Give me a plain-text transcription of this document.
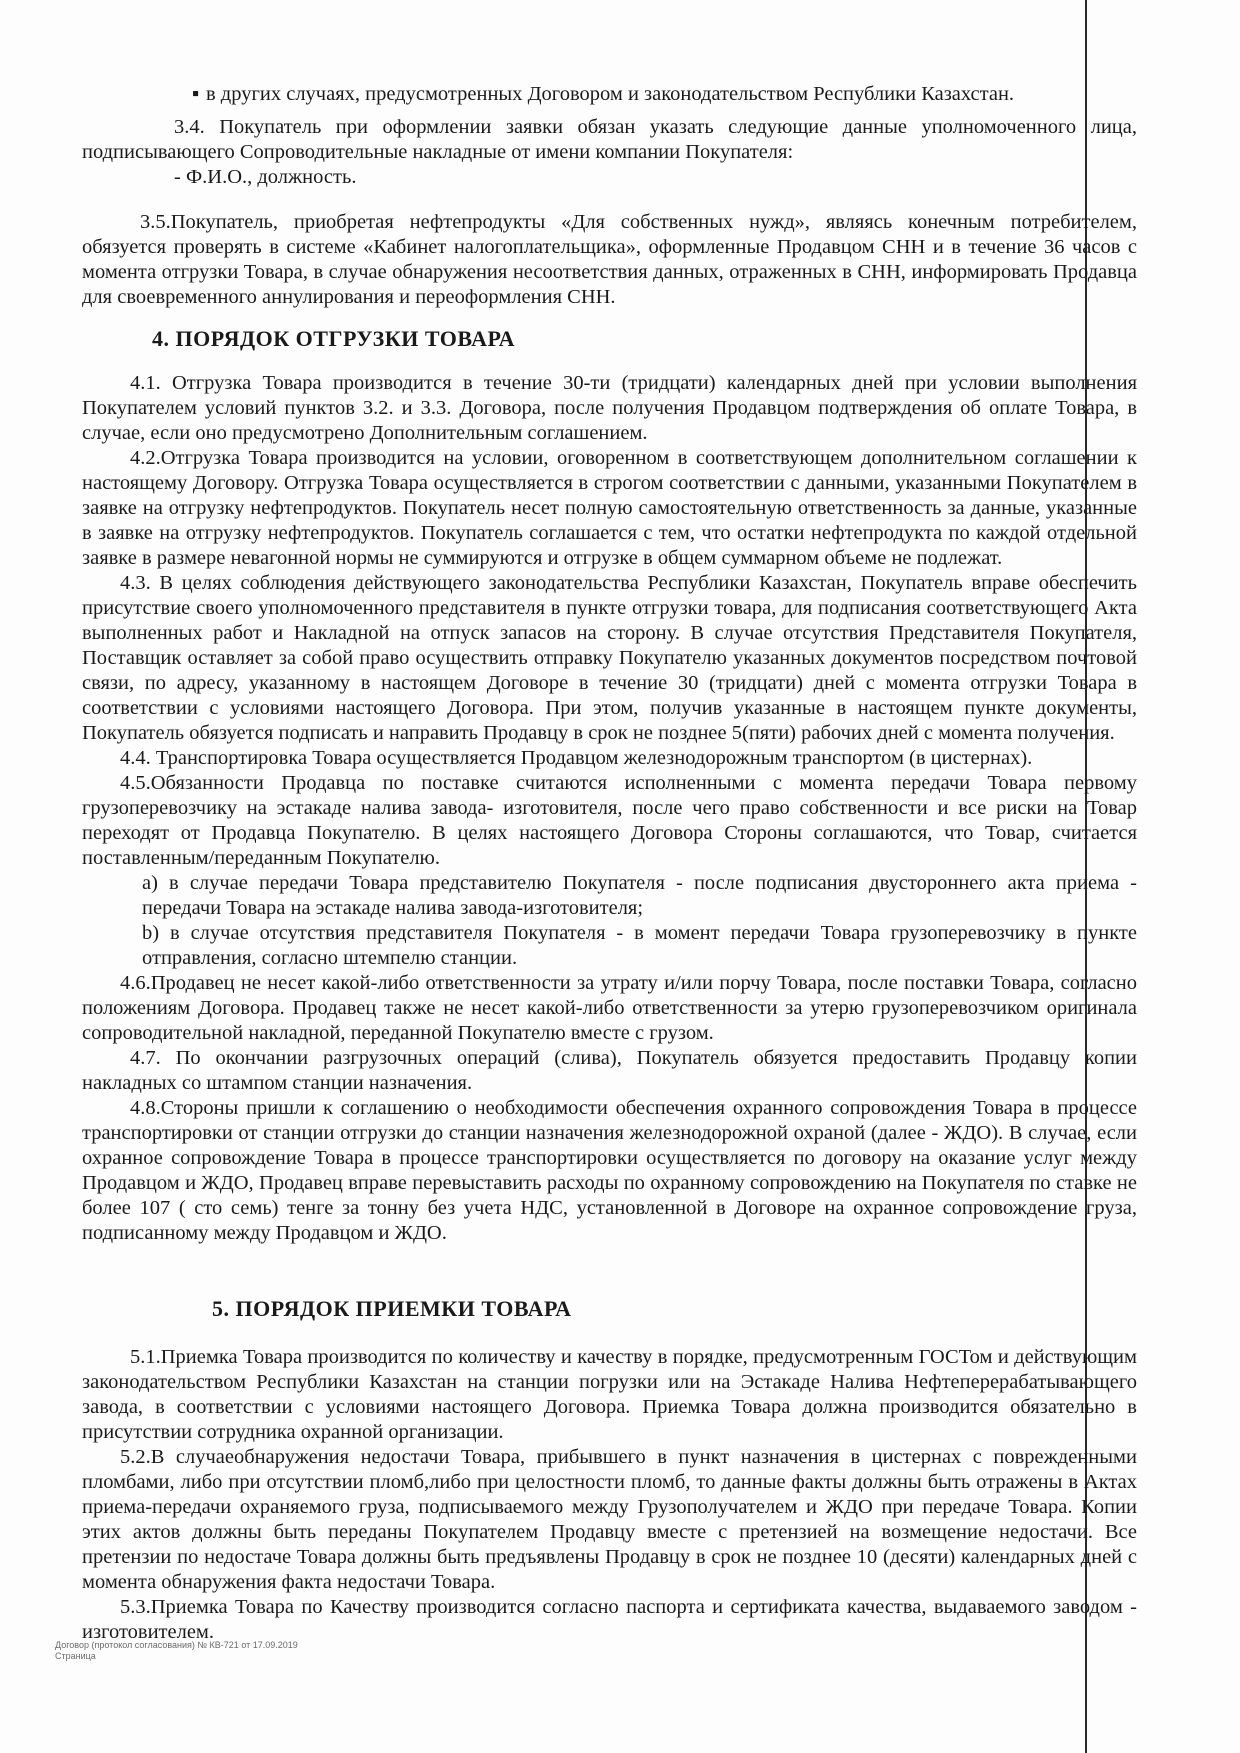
▪ в других случаях, предусмотренных Договором и законодательством Республики Казахстан.

3.4. Покупатель при оформлении заявки обязан указать следующие данные уполномоченного лица, подписывающего Сопроводительные накладные от имени компании Покупателя:

- Ф.И.О., должность.

3.5.Покупатель, приобретая нефтепродукты «Для собственных нужд», являясь конечным потребителем, обязуется проверять в системе «Кабинет налогоплательщика», оформленные Продавцом СНН и в течение 36 часов с момента отгрузки Товара, в случае обнаружения несоответствия данных, отраженных в СНН, информировать Продавца для своевременного аннулирования и переоформления СНН.

4. ПОРЯДОК ОТГРУЗКИ ТОВАРА

4.1. Отгрузка Товара производится в течение 30-ти (тридцати) календарных дней при условии выполнения Покупателем условий пунктов 3.2. и 3.3. Договора, после получения Продавцом подтверждения об оплате Товара, в случае, если оно предусмотрено Дополнительным соглашением.

4.2.Отгрузка Товара производится на условии, оговоренном в соответствующем дополнительном соглашении к настоящему Договору. Отгрузка Товара осуществляется в строгом соответствии с данными, указанными Покупателем в заявке на отгрузку нефтепродуктов. Покупатель несет полную самостоятельную ответственность за данные, указанные в заявке на отгрузку нефтепродуктов. Покупатель соглашается с тем, что остатки нефтепродукта по каждой отдельной заявке в размере невагонной нормы не суммируются и отгрузке в общем суммарном объеме не подлежат.

4.3. В целях соблюдения действующего законодательства Республики Казахстан, Покупатель вправе обеспечить присутствие своего уполномоченного представителя в пункте отгрузки товара, для подписания соответствующего Акта выполненных работ и Накладной на отпуск запасов на сторону. В случае отсутствия Представителя Покупателя, Поставщик оставляет за собой право осуществить отправку Покупателю указанных документов посредством почтовой связи, по адресу, указанному в настоящем Договоре в течение 30 (тридцати) дней с момента отгрузки Товара в соответствии с условиями настоящего Договора. При этом, получив указанные в настоящем пункте документы, Покупатель обязуется подписать и направить Продавцу в срок не позднее 5(пяти) рабочих дней с момента получения.

4.4. Транспортировка Товара осуществляется Продавцом железнодорожным транспортом (в цистернах).

4.5.Обязанности Продавца по поставке считаются исполненными с момента передачи Товара первому грузоперевозчику на эстакаде налива завода- изготовителя, после чего право собственности и все риски на Товар переходят от Продавца Покупателю. В целях настоящего Договора Стороны соглашаются, что Товар, считается поставленным/переданным Покупателю.

a) в случае передачи Товара представителю Покупателя - после подписания двустороннего акта приема - передачи Товара на эстакаде налива завода-изготовителя;

b) в случае отсутствия представителя Покупателя - в момент передачи Товара грузоперевозчику в пункте отправления, согласно штемпелю станции.

4.6.Продавец не несет какой-либо ответственности за утрату и/или порчу Товара, после поставки Товара, согласно положениям Договора. Продавец также не несет какой-либо ответственности за утерю грузоперевозчиком оригинала сопроводительной накладной, переданной Покупателю вместе с грузом.

4.7. По окончании разгрузочных операций (слива), Покупатель обязуется предоставить Продавцу копии накладных со штампом станции назначения.

4.8.Стороны пришли к соглашению о необходимости обеспечения охранного сопровождения Товара в процессе транспортировки от станции отгрузки до станции назначения железнодорожной охраной (далее - ЖДО). В случае, если охранное сопровождение Товара в процессе транспортировки осуществляется по договору на оказание услуг между Продавцом и ЖДО, Продавец вправе перевыставить расходы по охранному сопровождению на Покупателя по ставке не более 107 ( сто семь) тенге за тонну без учета НДС, установленной в Договоре на охранное сопровождение груза, подписанному между Продавцом и ЖДО.

5. ПОРЯДОК ПРИЕМКИ ТОВАРА

5.1.Приемка Товара производится по количеству и качеству в порядке, предусмотренным ГОСТом и действующим законодательством Республики Казахстан на станции погрузки или на Эстакаде Налива Нефтеперерабатывающего завода, в соответствии с условиями настоящего Договора. Приемка Товара должна производится обязательно в присутствии сотрудника охранной организации.

5.2.В случаеобнаружения недостачи Товара, прибывшего в пункт назначения в цистернах с поврежденными пломбами, либо при отсутствии пломб,либо при целостности пломб, то данные факты должны быть отражены в Актах приема-передачи охраняемого груза, подписываемого между Грузополучателем и ЖДО при передаче Товара. Копии этих актов должны быть переданы Покупателем Продавцу вместе с претензией на возмещение недостачи. Все претензии по недостаче Товара должны быть предъявлены Продавцу в срок не позднее 10 (десяти) календарных дней с момента обнаружения факта недостачи Товара.

5.3.Приемка Товара по Качеству производится согласно паспорта и сертификата качества, выдаваемого заводом - изготовителем.

Договор (протокол согласования) № КВ-721 от 17.09.2019
Страница
